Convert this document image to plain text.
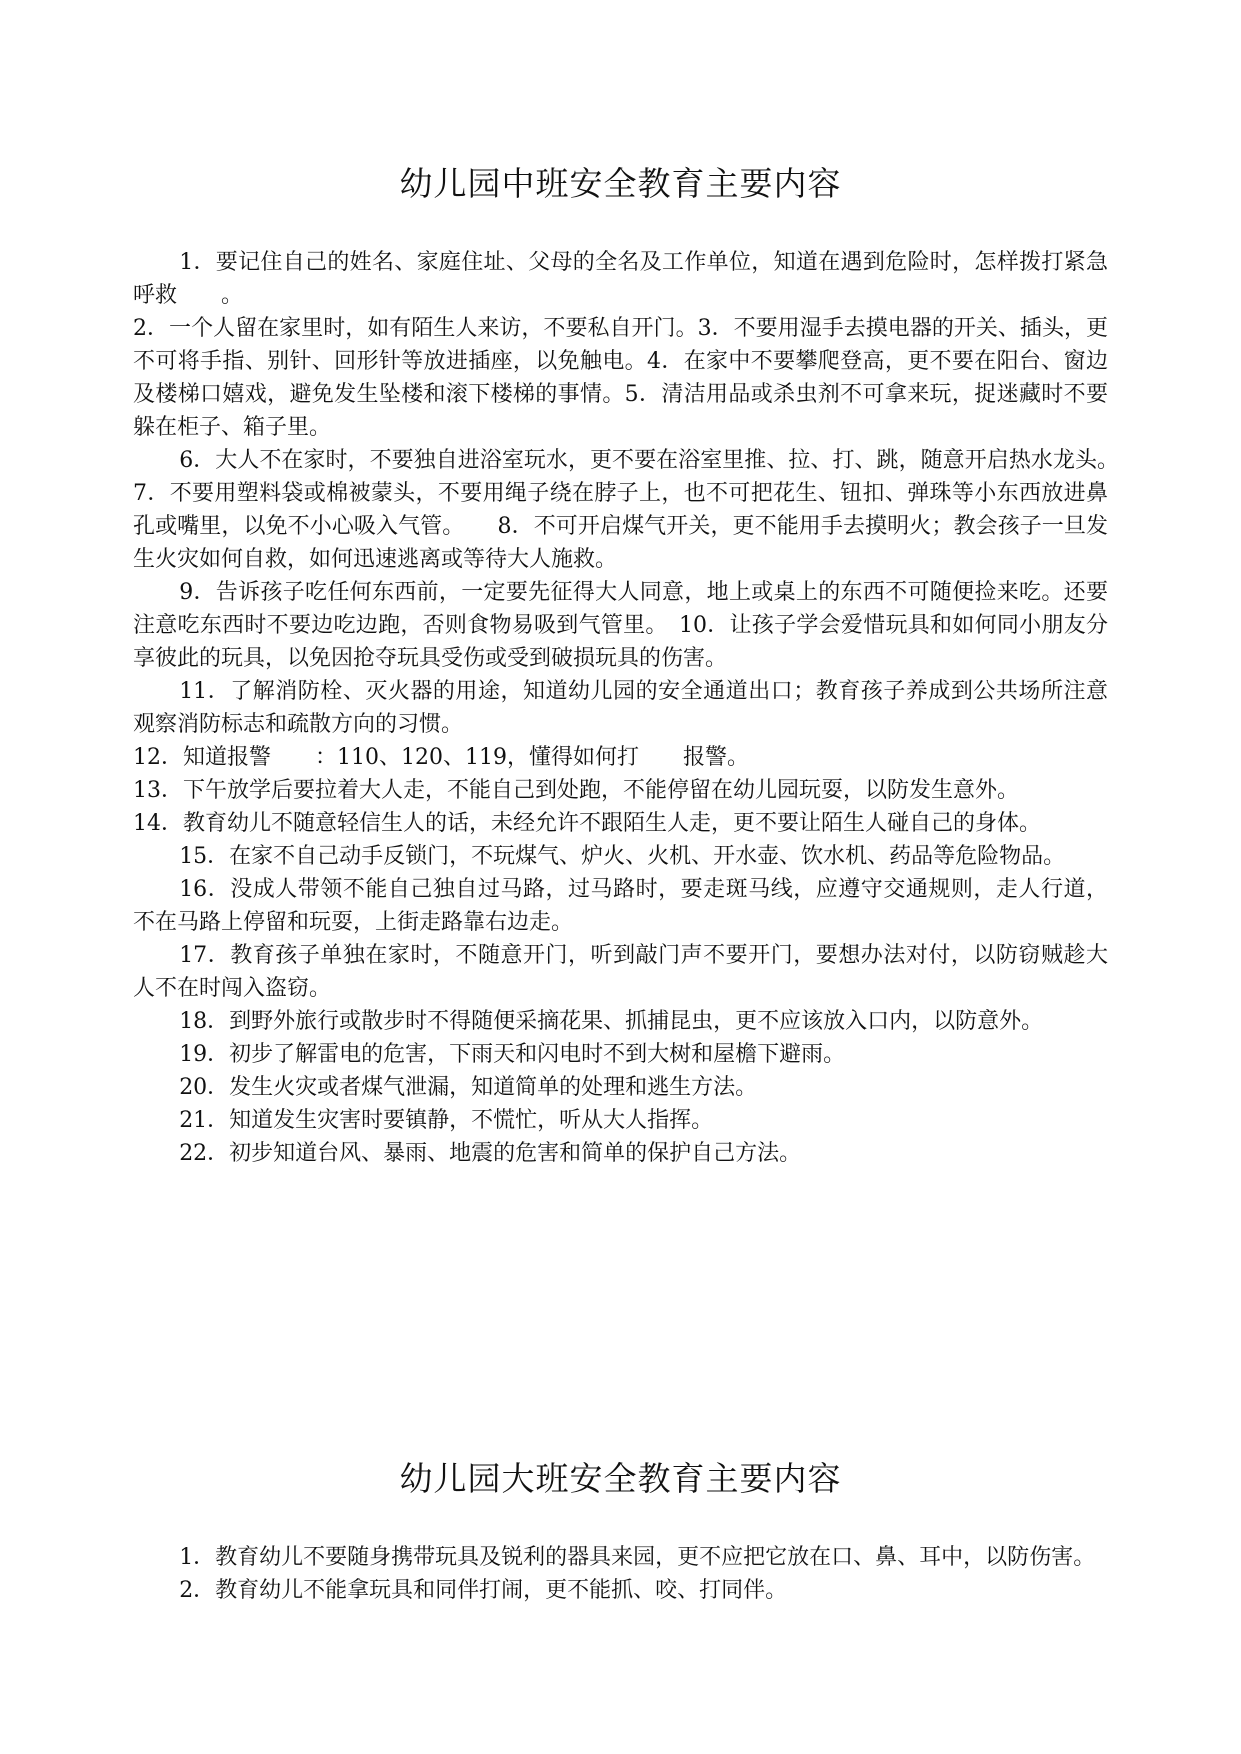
幼儿园中班安全教育主要内容

1．要记住自己的姓名、家庭住址、父母的全名及工作单位，知道在遇到危险时，怎样拨打紧急呼救　　。

2．一个人留在家里时，如有陌生人来访，不要私自开门。3．不要用湿手去摸电器的开关、插头，更不可将手指、别针、回形针等放进插座，以免触电。4．在家中不要攀爬登高，更不要在阳台、窗边及楼梯口嬉戏，避免发生坠楼和滚下楼梯的事情。5．清洁用品或杀虫剂不可拿来玩，捉迷藏时不要躲在柜子、箱子里。

6．大人不在家时，不要独自进浴室玩水，更不要在浴室里推、拉、打、跳，随意开启热水龙头。　　7．不要用塑料袋或棉被蒙头，不要用绳子绕在脖子上，也不可把花生、钮扣、弹珠等小东西放进鼻孔或嘴里，以免不小心吸入气管。　　8．不可开启煤气开关，更不能用手去摸明火；教会孩子一旦发生火灾如何自救，如何迅速逃离或等待大人施救。

9．告诉孩子吃任何东西前，一定要先征得大人同意，地上或桌上的东西不可随便捡来吃。还要注意吃东西时不要边吃边跑，否则食物易吸到气管里。　10．让孩子学会爱惜玩具和如何同小朋友分享彼此的玩具，以免因抢夺玩具受伤或受到破损玩具的伤害。

11．了解消防栓、灭火器的用途，知道幼儿园的安全通道出口；教育孩子养成到公共场所注意观察消防标志和疏散方向的习惯。

12．知道报警　　：110、120、119，懂得如何打　　报警。

13．下午放学后要拉着大人走，不能自己到处跑，不能停留在幼儿园玩耍，以防发生意外。

14．教育幼儿不随意轻信生人的话，未经允许不跟陌生人走，更不要让陌生人碰自己的身体。

15．在家不自己动手反锁门，不玩煤气、炉火、火机、开水壶、饮水机、药品等危险物品。

16．没成人带领不能自己独自过马路，过马路时，要走斑马线，应遵守交通规则，走人行道，不在马路上停留和玩耍，上街走路靠右边走。

17．教育孩子单独在家时，不随意开门，听到敲门声不要开门，要想办法对付，以防窃贼趁大人不在时闯入盗窃。

18．到野外旅行或散步时不得随便采摘花果、抓捕昆虫，更不应该放入口内，以防意外。

19．初步了解雷电的危害，下雨天和闪电时不到大树和屋檐下避雨。

20．发生火灾或者煤气泄漏，知道简单的处理和逃生方法。

21．知道发生灾害时要镇静，不慌忙，听从大人指挥。

22．初步知道台风、暴雨、地震的危害和简单的保护自己方法。

幼儿园大班安全教育主要内容

1．教育幼儿不要随身携带玩具及锐利的器具来园，更不应把它放在口、鼻、耳中，以防伤害。

2．教育幼儿不能拿玩具和同伴打闹，更不能抓、咬、打同伴。
